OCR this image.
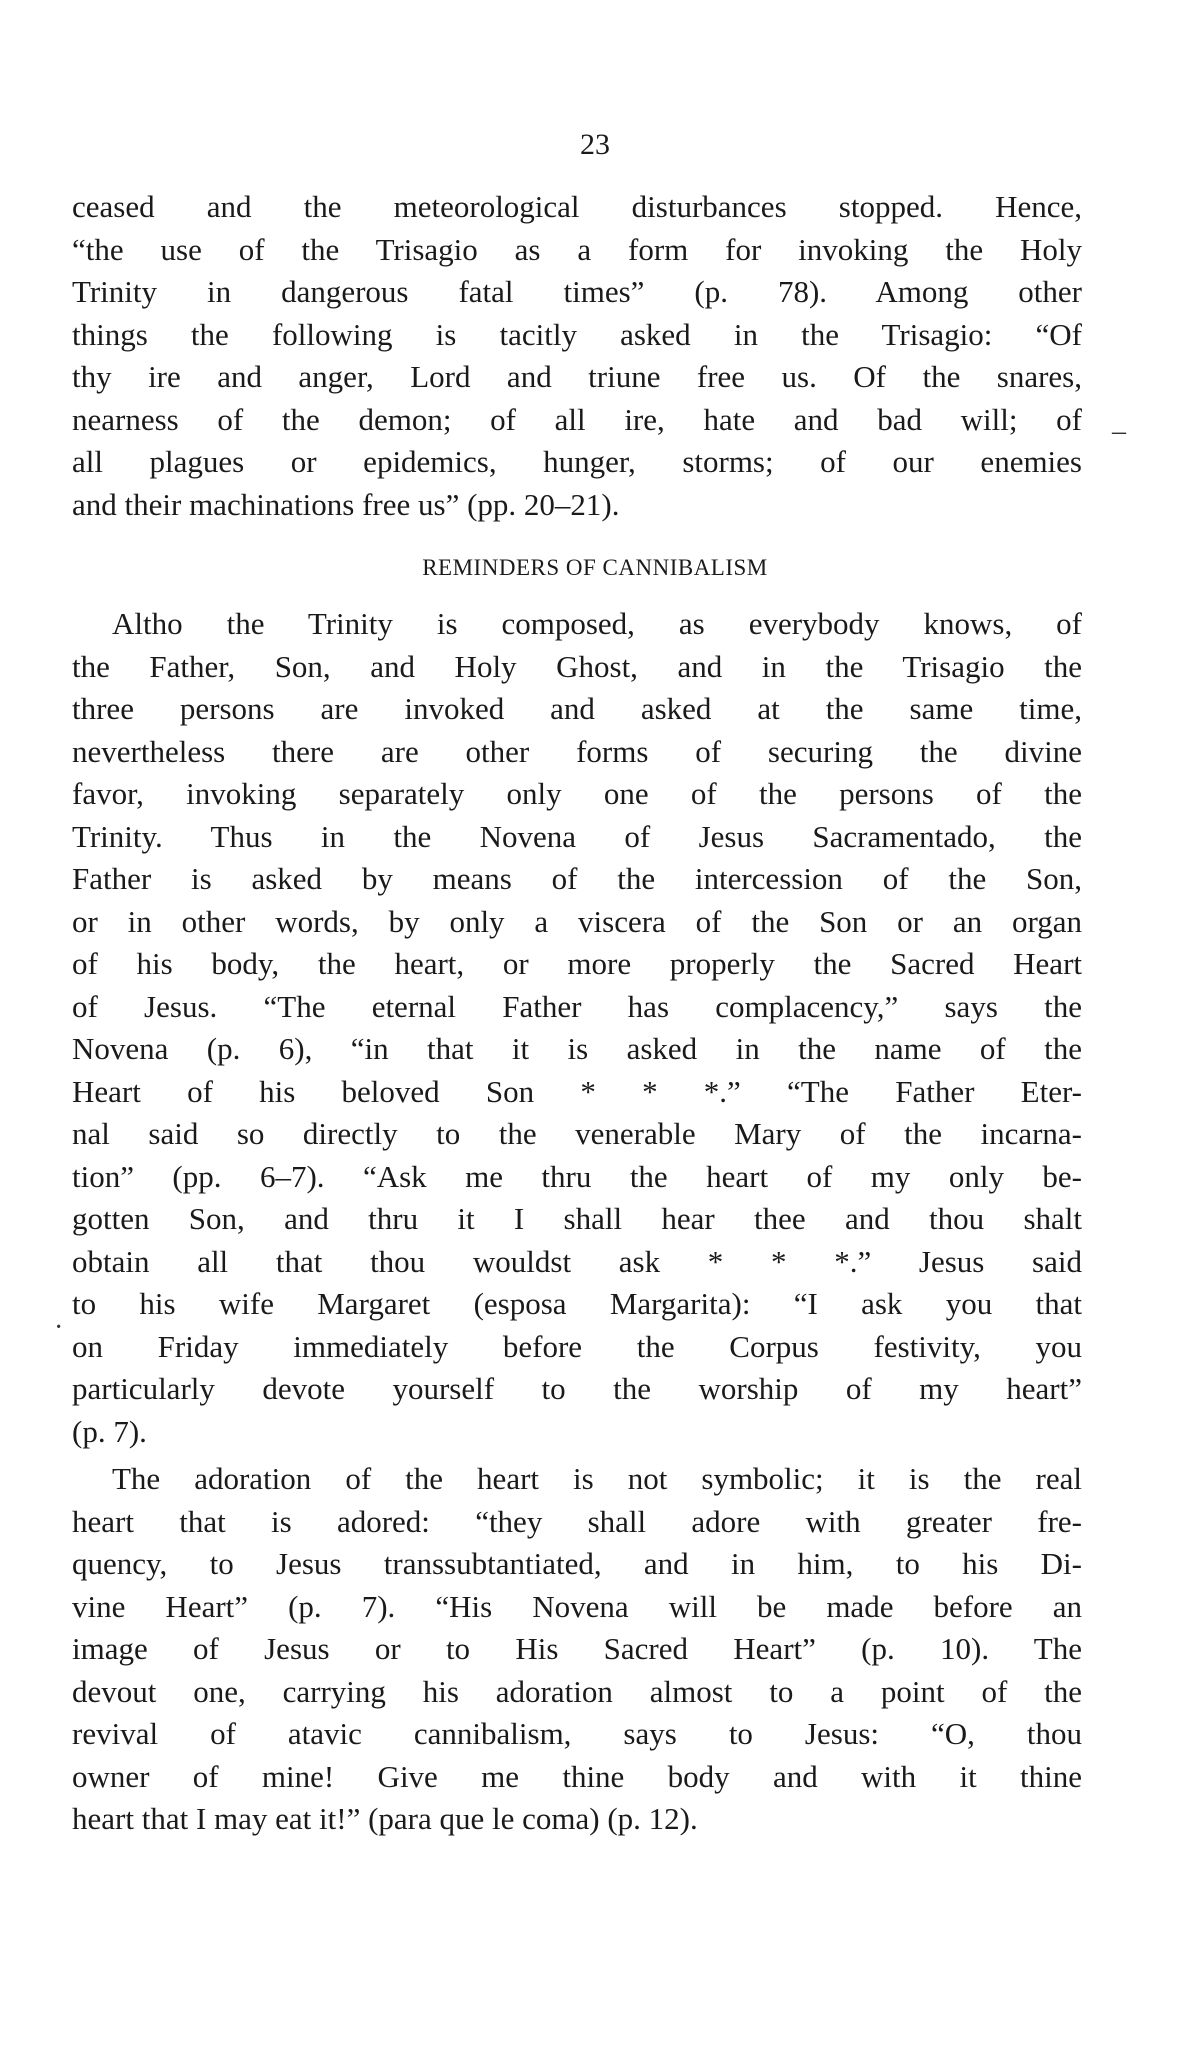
23
ceased and the meteorological disturbances stopped. Hence,
“the use of the Trisagio as a form for invoking the Holy
Trinity in dangerous fatal times” (p. 78). Among other
things the following is tacitly asked in the Trisagio: “Of
thy ire and anger, Lord and triune free us. Of the snares,
nearness of the demon; of all ire, hate and bad will; of
all plagues or epidemics, hunger, storms; of our enemies
and their machinations free us” (pp. 20–21).
REMINDERS OF CANNIBALISM
Altho the Trinity is composed, as everybody knows, of
the Father, Son, and Holy Ghost, and in the Trisagio the
three persons are invoked and asked at the same time,
nevertheless there are other forms of securing the divine
favor, invoking separately only one of the persons of the
Trinity. Thus in the Novena of Jesus Sacramentado, the
Father is asked by means of the intercession of the Son,
or in other words, by only a viscera of the Son or an organ
of his body, the heart, or more properly the Sacred Heart
of Jesus. “The eternal Father has complacency,” says the
Novena (p. 6), “in that it is asked in the name of the
Heart of his beloved Son * * *.” “The Father Eter-
nal said so directly to the venerable Mary of the incarna-
tion” (pp. 6–7). “Ask me thru the heart of my only be-
gotten Son, and thru it I shall hear thee and thou shalt
obtain all that thou wouldst ask * * *.” Jesus said
to his wife Margaret (esposa Margarita): “I ask you that
on Friday immediately before the Corpus festivity, you
particularly devote yourself to the worship of my heart”
(p. 7).
The adoration of the heart is not symbolic; it is the real
heart that is adored: “they shall adore with greater fre-
quency, to Jesus transsubtantiated, and in him, to his Di-
vine Heart” (p. 7). “His Novena will be made before an
image of Jesus or to His Sacred Heart” (p. 10). The
devout one, carrying his adoration almost to a point of the
revival of atavic cannibalism, says to Jesus: “O, thou
owner of mine! Give me thine body and with it thine
heart that I may eat it!” (para que le coma) (p. 12).
–
·
